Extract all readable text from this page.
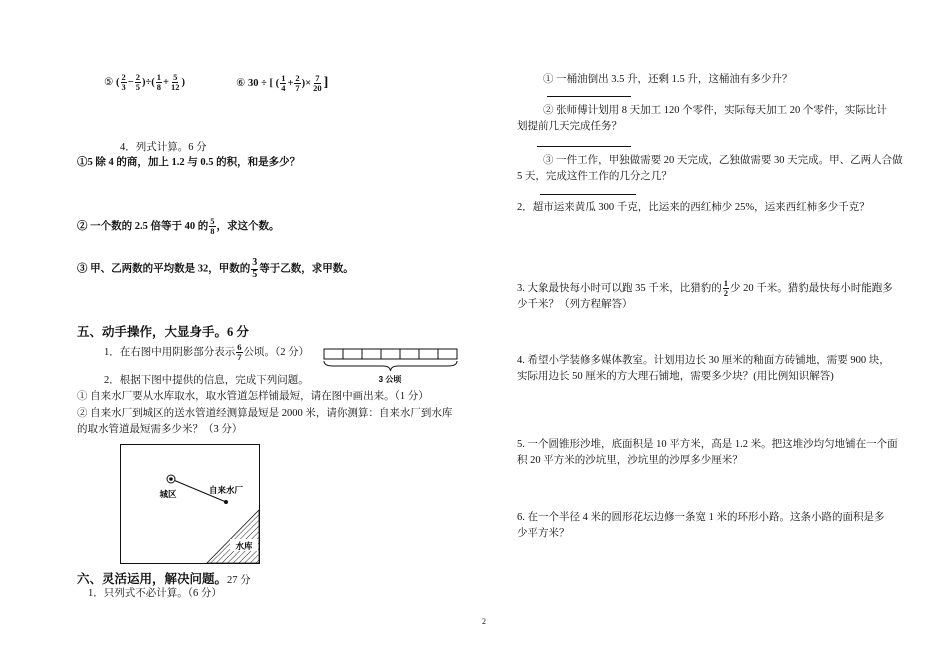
⑤ ( $\frac{2}{3} - \frac{2}{5}$ )÷( $\frac{1}{8} + \frac{5}{12}$ )	⑥ 30 ÷ [ ( $\frac{1}{4} + \frac{2}{7}$ )× $\frac{7}{20}$ ]
4．列式计算。6 分
①5 除 4 的商，加上 1.2 与 0.5 的积，和是多少？
② 一个数的 2.5 倍等于 40 的 $\frac{5}{8}$ ，求这个数。
③ 甲、乙两数的平均数是 32，甲数的 $\frac{3}{5}$ 等于乙数，求甲数。
五、动手操作，大显身手。6 分
1．在右图中用阴影部分表示 $\frac{6}{7}$ 公顷。（2 分）
3 公顷
2．根据下图中提供的信息，完成下列问题。
① 自来水厂要从水库取水，取水管道怎样铺最短，请在图中画出来。（1 分）
② 自来水厂到城区的送水管道经测算最短是 2000 米，请你测算：自来水厂到水库
的取水管道最短需多少米？（3 分）
水库
城区	自来水厂
六、灵活运用，解决问题。27 分
1．只列式不必计算。（6 分）
① 一桶油倒出 3.5 升，还剩 1.5 升，这桶油有多少升？
② 张师傅计划用 8 天加工 120 个零件，实际每天加工 20 个零件，实际比计
划提前几天完成任务？
③ 一件工作，甲独做需要 20 天完成，乙独做需要 30 天完成。甲、乙两人合做
5 天，完成这件工作的几分之几？
2．超市运来黄瓜 300 千克，比运来的西红柿少 25%，运来西红柿多少千克？
3. 大象最快每小时可以跑 35 千米，比猎豹的 $\frac{1}{2}$ 少 20 千米。猎豹最快每小时能跑多
少千米？（列方程解答）
4. 希望小学装修多媒体教室。计划用边长 30 厘米的釉面方砖铺地，需要 900 块，
实际用边长 50 厘米的方大理石铺地，需要多少块？(用比例知识解答)
5. 一个圆锥形沙堆，底面积是 10 平方米，高是 1.2 米。把这堆沙均匀地铺在一个面
积 20 平方米的沙坑里，沙坑里的沙厚多少厘米？
6. 在一个半径 4 米的圆形花坛边修一条宽 1 米的环形小路。这条小路的面积是多
少平方米？
2
